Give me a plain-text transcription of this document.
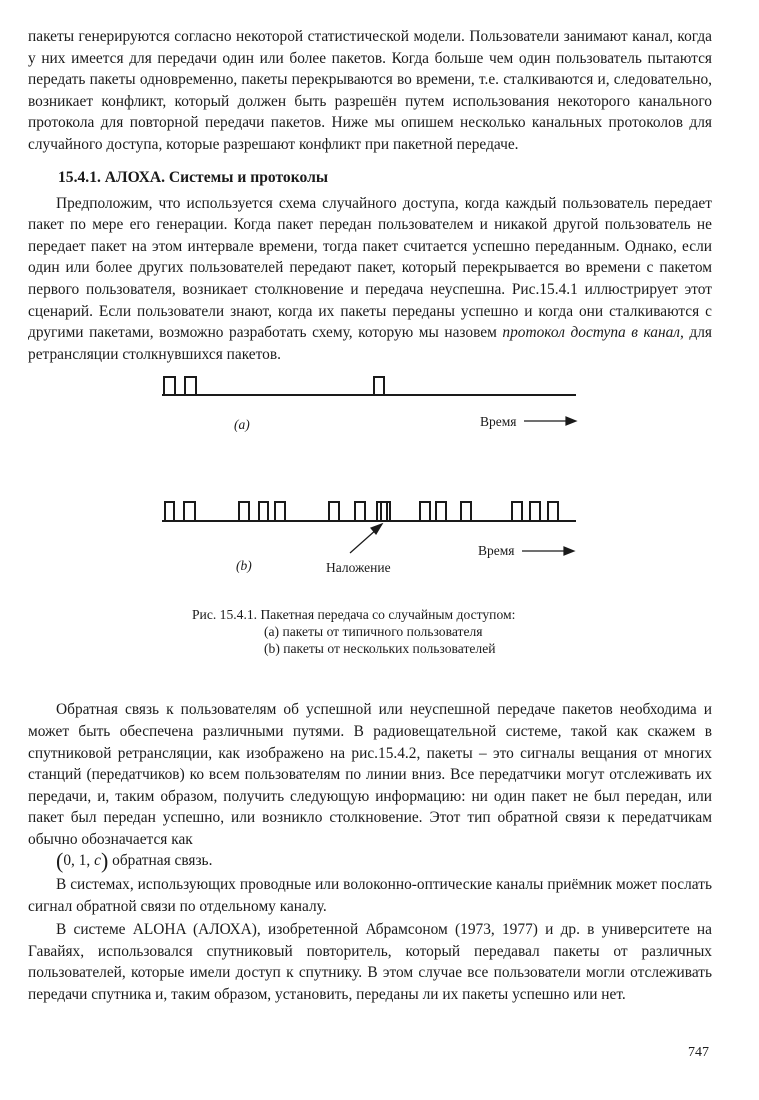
пакеты генерируются согласно некоторой статистической модели. Пользователи занимают канал, когда у них имеется для передачи один или более пакетов. Когда больше чем один пользователь пытаются передать пакеты одновременно, пакеты перекрываются во времени, т.е. сталкиваются и, следовательно, возникает конфликт, который должен быть разрешён путем использования некоторого канального протокола для повторной передачи пакетов. Ниже мы опишем несколько канальных протоколов для случайного доступа, которые разрешают конфликт при пакетной передаче.

15.4.1. АЛОХА. Системы и протоколы

Предположим, что используется схема случайного доступа, когда каждый пользователь передает пакет по мере его генерации. Когда пакет передан пользователем и никакой другой пользователь не передает пакет на этом интервале времени, тогда пакет считается успешно переданным. Однако, если один или более других пользователей передают пакет, который перекрывается во времени с пакетом первого пользователя, возникает столкновение и передача неуспешна. Рис.15.4.1 иллюстрирует этот сценарий. Если пользователи знают, когда их пакеты переданы успешно и когда они сталкиваются с другими пакетами, возможно разработать схему, которую мы назовем протокол доступа в канал, для ретрансляции столкнувшихся пакетов.

(a)	Время
(b)
Время
Наложение
Рис. 15.4.1. Пакетная передача со случайным доступом:
(a) пакеты от типичного пользователя
(b) пакеты от нескольких пользователей

Обратная связь к пользователям об успешной или неуспешной передаче пакетов необходима и может быть обеспечена различными путями. В радиовещательной системе, такой как скажем в спутниковой ретрансляции, как изображено на рис.15.4.2, пакеты – это сигналы вещания от многих станций (передатчиков) ко всем пользователям по линии вниз. Все передатчики могут отслеживать их передачи, и, таким образом, получить следующую информацию: ни один пакет не был передан, или пакет был передан успешно, или возникло столкновение. Этот тип обратной связи к передатчикам обычно обозначается как
(0, 1, c) обратная связь.

В системах, использующих проводные или волоконно-оптические каналы приёмник может послать сигнал обратной связи по отдельному каналу.

В системе ALOHA (АЛОХА), изобретенной Абрамсоном (1973, 1977) и др. в университете на Гавайях, использовался спутниковый повторитель, который передавал пакеты от различных пользователей, которые имели доступ к спутнику. В этом случае все пользователи могли отслеживать передачи спутника и, таким образом, установить, переданы ли их пакеты успешно или нет.

747
